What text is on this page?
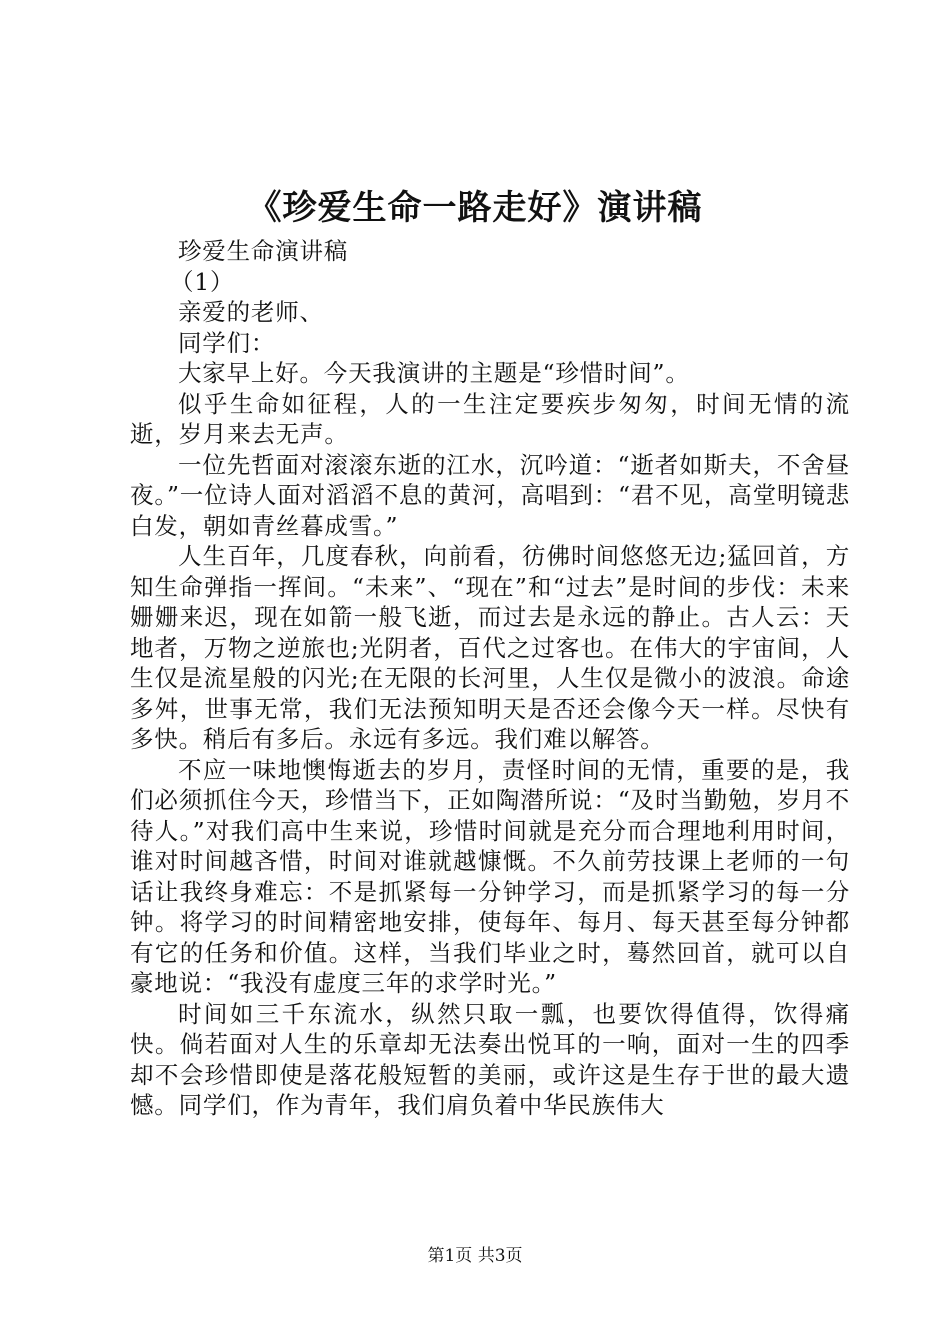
《珍爱生命一路走好》演讲稿

珍爱生命演讲稿

（1）

亲爱的老师、

同学们：

大家早上好。今天我演讲的主题是“珍惜时间”。

似乎生命如征程，人的一生注定要疾步匆匆，时间无情的流逝，岁月来去无声。

一位先哲面对滚滚东逝的江水，沉吟道：“逝者如斯夫，不舍昼夜。”一位诗人面对滔滔不息的黄河，高唱到：“君不见，高堂明镜悲白发，朝如青丝暮成雪。”

人生百年，几度春秋，向前看，彷佛时间悠悠无边;猛回首，方知生命弹指一挥间。“未来”、“现在”和“过去”是时间的步伐：未来姗姗来迟，现在如箭一般飞逝，而过去是永远的静止。古人云：天地者，万物之逆旅也;光阴者，百代之过客也。在伟大的宇宙间，人生仅是流星般的闪光;在无限的长河里，人生仅是微小的波浪。命途多舛，世事无常，我们无法预知明天是否还会像今天一样。尽快有多快。稍后有多后。永远有多远。我们难以解答。

不应一味地懊悔逝去的岁月，责怪时间的无情，重要的是，我们必须抓住今天，珍惜当下，正如陶潜所说：“及时当勤勉，岁月不待人。”对我们高中生来说，珍惜时间就是充分而合理地利用时间，谁对时间越吝惜，时间对谁就越慷慨。不久前劳技课上老师的一句话让我终身难忘：不是抓紧每一分钟学习，而是抓紧学习的每一分钟。将学习的时间精密地安排，使每年、每月、每天甚至每分钟都有它的任务和价值。这样，当我们毕业之时，蓦然回首，就可以自豪地说：“我没有虚度三年的求学时光。”

时间如三千东流水，纵然只取一瓢，也要饮得值得，饮得痛快。倘若面对人生的乐章却无法奏出悦耳的一响，面对一生的四季却不会珍惜即使是落花般短暂的美丽，或许这是生存于世的最大遗憾。同学们，作为青年，我们肩负着中华民族伟大

第1页 共3页
